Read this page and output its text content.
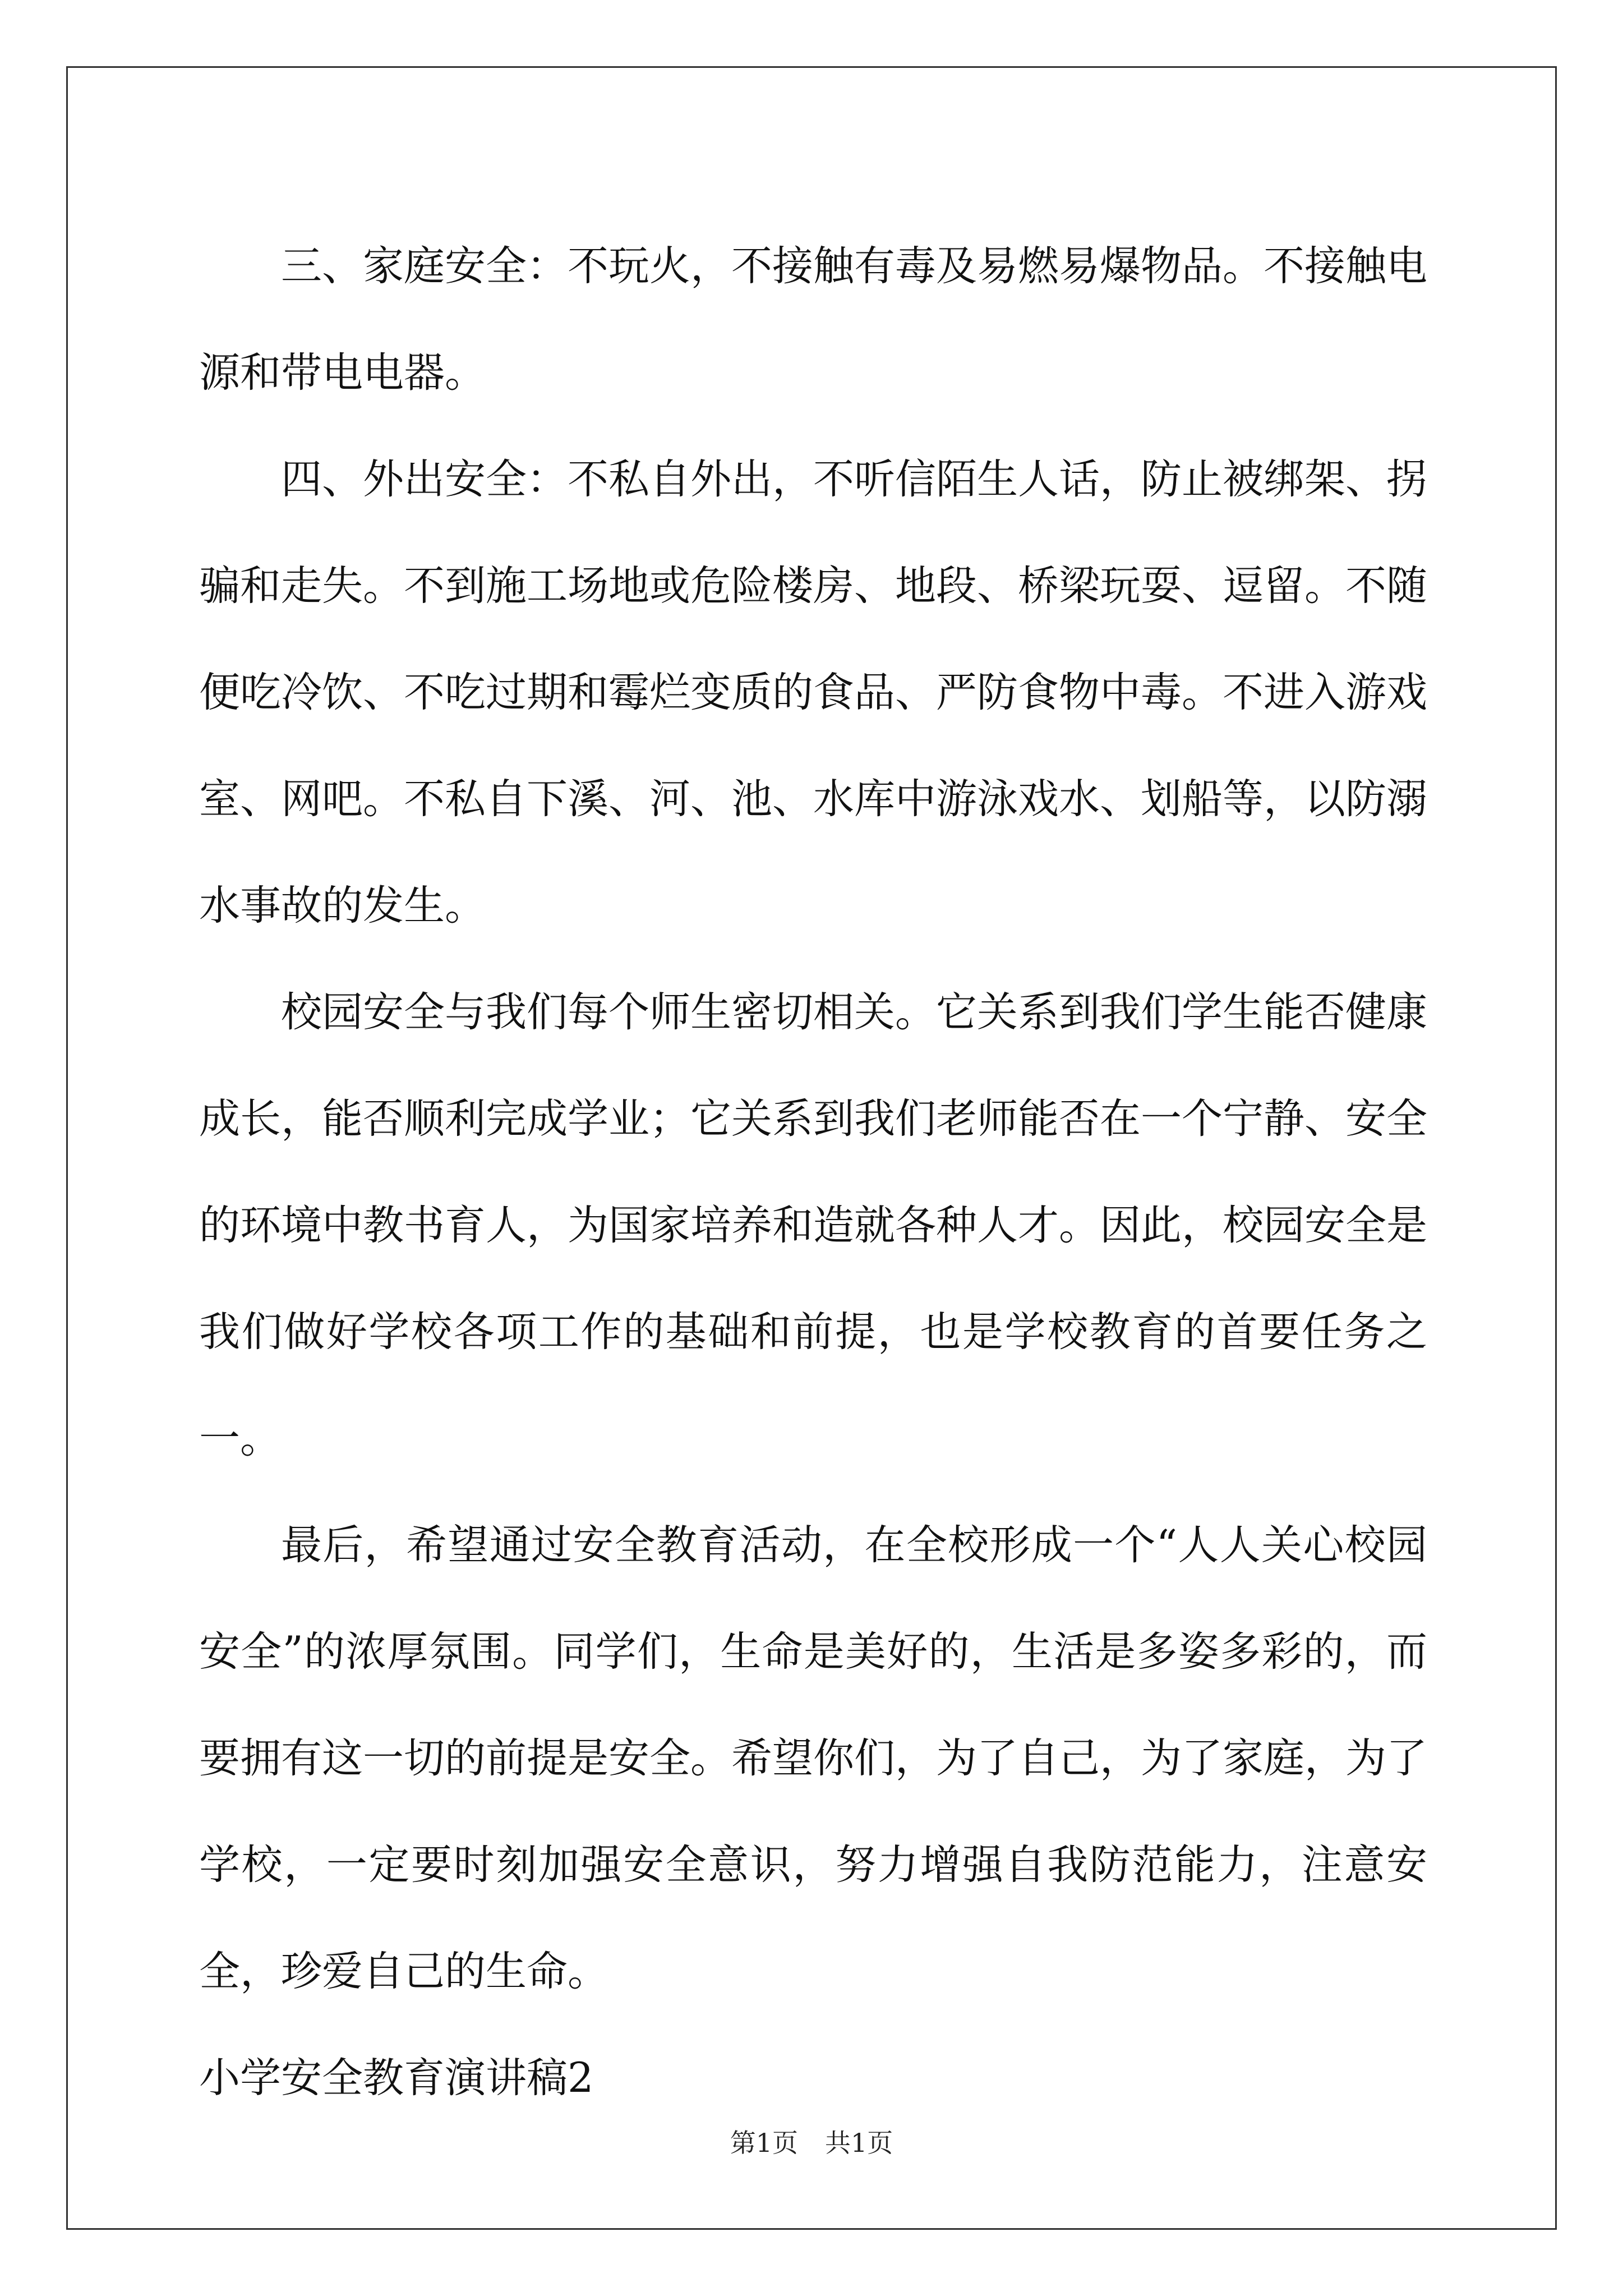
三、家庭安全：不玩火，不接触有毒及易燃易爆物品。不接触电源和带电电器。

四、外出安全：不私自外出，不听信陌生人话，防止被绑架、拐骗和走失。不到施工场地或危险楼房、地段、桥梁玩耍、逗留。不随便吃冷饮、不吃过期和霉烂变质的食品、严防食物中毒。不进入游戏室、网吧。不私自下溪、河、池、水库中游泳戏水、划船等，以防溺水事故的发生。

校园安全与我们每个师生密切相关。它关系到我们学生能否健康成长，能否顺利完成学业；它关系到我们老师能否在一个宁静、安全的环境中教书育人，为国家培养和造就各种人才。因此，校园安全是我们做好学校各项工作的基础和前提，也是学校教育的首要任务之一。

最后，希望通过安全教育活动，在全校形成一个“人人关心校园安全”的浓厚氛围。同学们，生命是美好的，生活是多姿多彩的，而要拥有这一切的前提是安全。希望你们，为了自己，为了家庭，为了学校，一定要时刻加强安全意识，努力增强自我防范能力，注意安全，珍爱自己的生命。

小学安全教育演讲稿2

第1页 共1页
